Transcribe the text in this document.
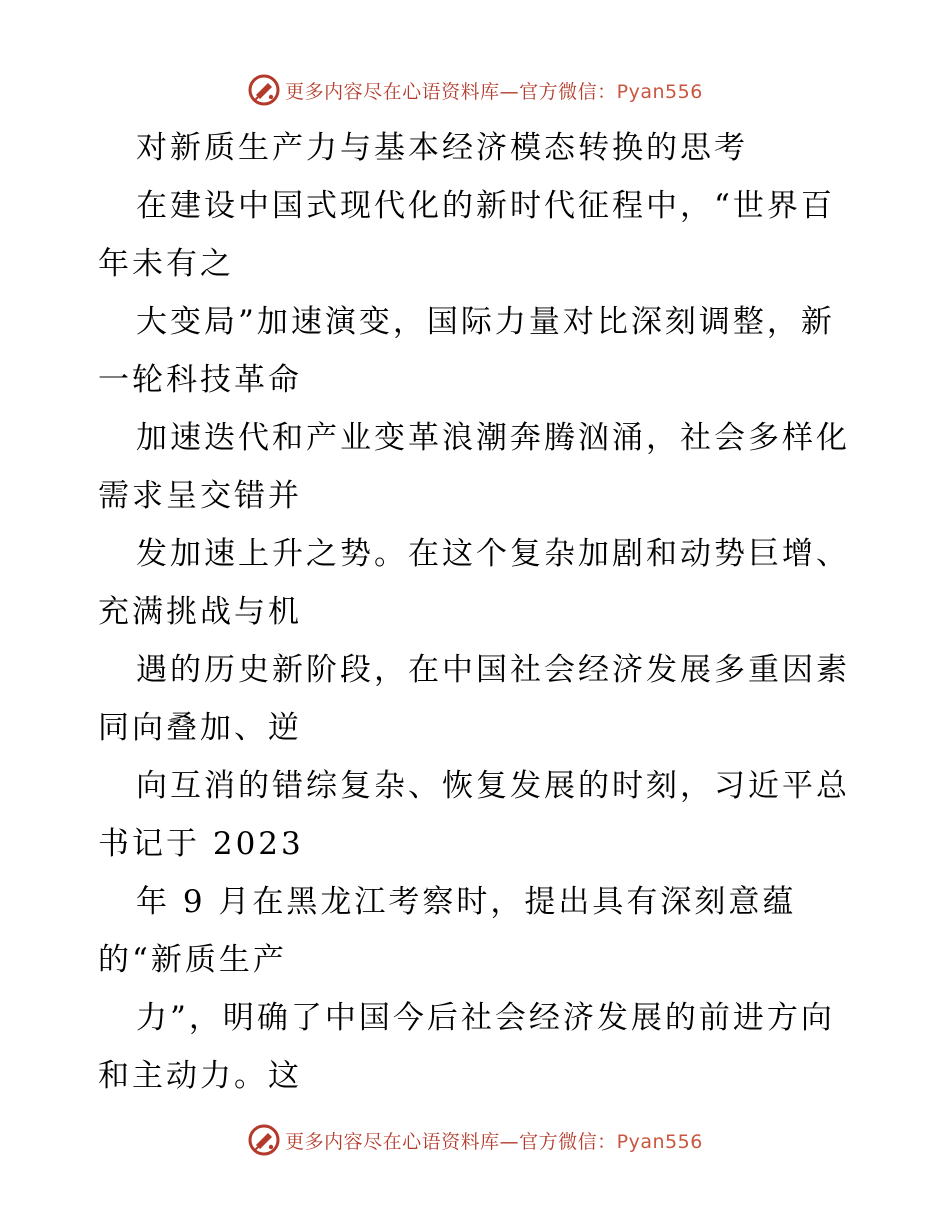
更多内容尽在心语资料库—官方微信：Pyan556
对新质生产力与基本经济模态转换的思考
在建设中国式现代化的新时代征程中，“世界百
年未有之
大变局”加速演变，国际力量对比深刻调整，新
一轮科技革命
加速迭代和产业变革浪潮奔腾汹涌，社会多样化
需求呈交错并
发加速上升之势。在这个复杂加剧和动势巨增、
充满挑战与机
遇的历史新阶段，在中国社会经济发展多重因素
同向叠加、逆
向互消的错综复杂、恢复发展的时刻，习近平总
书记于 2023
年 9 月在黑龙江考察时，提出具有深刻意蕴
的“新质生产
力”，明确了中国今后社会经济发展的前进方向
和主动力。这
更多内容尽在心语资料库—官方微信：Pyan556
